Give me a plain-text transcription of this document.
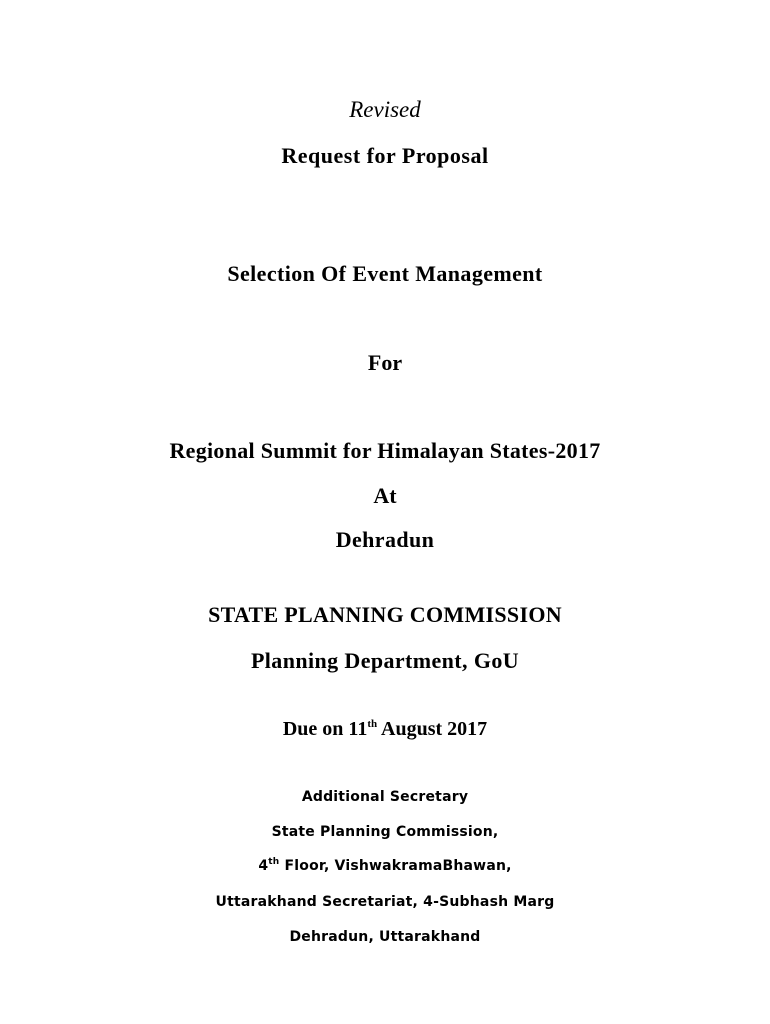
Revised
Request for Proposal
Selection Of Event Management
For
Regional Summit for Himalayan States-2017
At
Dehradun
STATE PLANNING COMMISSION
Planning Department, GoU
Due on 11th August 2017
Additional Secretary
State Planning Commission,
4th Floor, VishwakramaBhawan,
Uttarakhand Secretariat, 4-Subhash Marg
Dehradun, Uttarakhand
